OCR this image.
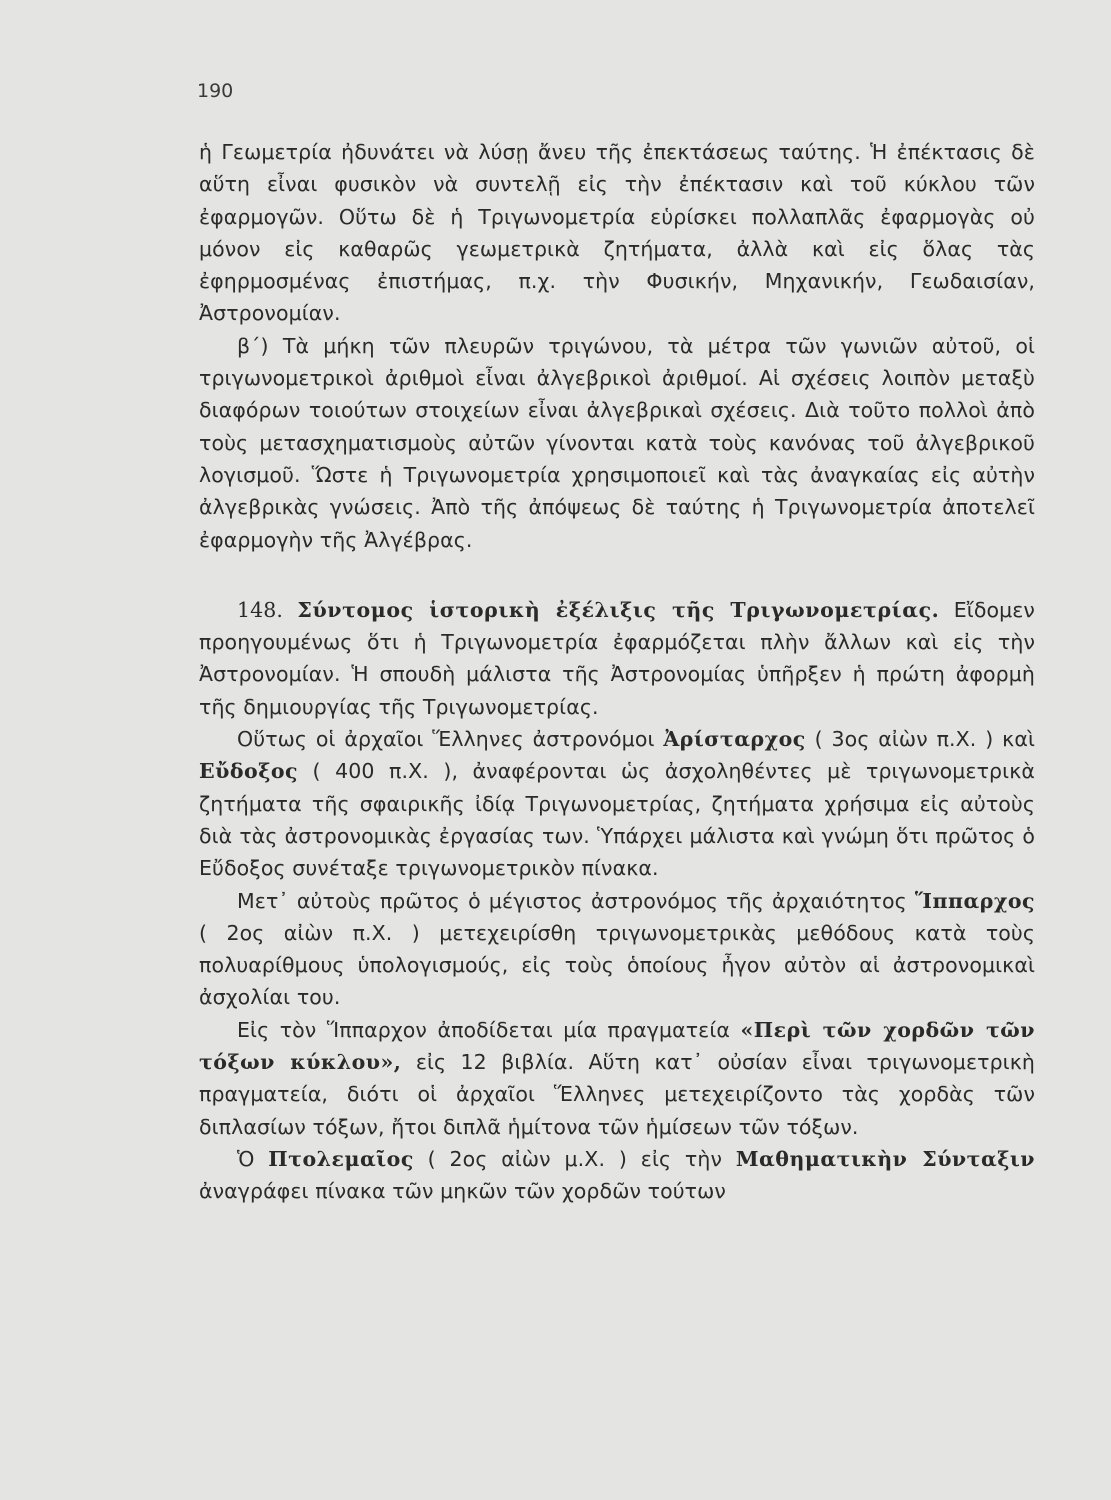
190

ἡ Γεωμετρία ἠδυνάτει νὰ λύσῃ ἄνευ τῆς ἐπεκτάσεως ταύτης. Ἡ ἐπέκτασις δὲ αὕτη εἶναι φυσικὸν νὰ συντελῇ εἰς τὴν ἐπέκτασιν καὶ τοῦ κύκλου τῶν ἐφαρμογῶν. Οὕτω δὲ ἡ Τριγωνομετρία εὑρίσκει πολλαπλᾶς ἐφαρμογὰς οὐ μόνον εἰς καθαρῶς γεωμετρικὰ ζητήματα, ἀλλὰ καὶ εἰς ὅλας τὰς ἐφηρμοσμένας ἐπιστήμας, π.χ. τὴν Φυσικήν, Μηχανικήν, Γεωδαισίαν, Ἀστρονομίαν.

β΄) Τὰ μήκη τῶν πλευρῶν τριγώνου, τὰ μέτρα τῶν γωνιῶν αὐτοῦ, οἱ τριγωνομετρικοὶ ἀριθμοὶ εἶναι ἀλγεβρικοὶ ἀριθμοί. Αἱ σχέσεις λοιπὸν μεταξὺ διαφόρων τοιούτων στοιχείων εἶναι ἀλγεβρικαὶ σχέσεις. Διὰ τοῦτο πολλοὶ ἀπὸ τοὺς μετασχηματισμοὺς αὐτῶν γίνονται κατὰ τοὺς κανόνας τοῦ ἀλγεβρικοῦ λογισμοῦ. Ὥστε ἡ Τριγωνομετρία χρησιμοποιεῖ καὶ τὰς ἀναγκαίας εἰς αὐτὴν ἀλγεβρικὰς γνώσεις. Ἀπὸ τῆς ἀπόψεως δὲ ταύτης ἡ Τριγωνομετρία ἀποτελεῖ ἐφαρμογὴν τῆς Ἀλγέβρας.

148. Σύντομος ἱστορικὴ ἐξέλιξις τῆς Τριγωνομετρίας. Εἴδομεν προηγουμένως ὅτι ἡ Τριγωνομετρία ἐφαρμόζεται πλὴν ἄλλων καὶ εἰς τὴν Ἀστρονομίαν. Ἡ σπουδὴ μάλιστα τῆς Ἀστρονομίας ὑπῆρξεν ἡ πρώτη ἀφορμὴ τῆς δημιουργίας τῆς Τριγωνομετρίας.

Οὕτως οἱ ἀρχαῖοι Ἕλληνες ἀστρονόμοι Ἀρίσταρχος ( 3ος αἰὼν π.Χ. ) καὶ Εὔδοξος ( 400 π.Χ. ), ἀναφέρονται ὡς ἀσχοληθέντες μὲ τριγωνομετρικὰ ζητήματα τῆς σφαιρικῆς ἰδίᾳ Τριγωνομετρίας, ζητήματα χρήσιμα εἰς αὐτοὺς διὰ τὰς ἀστρονομικὰς ἐργασίας των. Ὑπάρχει μάλιστα καὶ γνώμη ὅτι πρῶτος ὁ Εὔδοξος συνέταξε τριγωνομετρικὸν πίνακα.

Μετ᾽ αὐτοὺς πρῶτος ὁ μέγιστος ἀστρονόμος τῆς ἀρχαιότητος Ἵππαρχος ( 2ος αἰὼν π.Χ. ) μετεχειρίσθη τριγωνομετρικὰς μεθόδους κατὰ τοὺς πολυαρίθμους ὑπολογισμούς, εἰς τοὺς ὁποίους ἦγον αὐτὸν αἱ ἀστρονομικαὶ ἀσχολίαι του.

Εἰς τὸν Ἵππαρχον ἀποδίδεται μία πραγματεία «Περὶ τῶν χορδῶν τῶν τόξων κύκλου», εἰς 12 βιβλία. Αὕτη κατ᾽ οὐσίαν εἶναι τριγωνομετρικὴ πραγματεία, διότι οἱ ἀρχαῖοι Ἕλληνες μετεχειρίζοντο τὰς χορδὰς τῶν διπλασίων τόξων, ἤτοι διπλᾶ ἡμίτονα τῶν ἡμίσεων τῶν τόξων.

Ὁ Πτολεμαῖος ( 2ος αἰὼν μ.Χ. ) εἰς τὴν Μαθηματικὴν Σύνταξιν ἀναγράφει πίνακα τῶν μηκῶν τῶν χορδῶν τούτων
